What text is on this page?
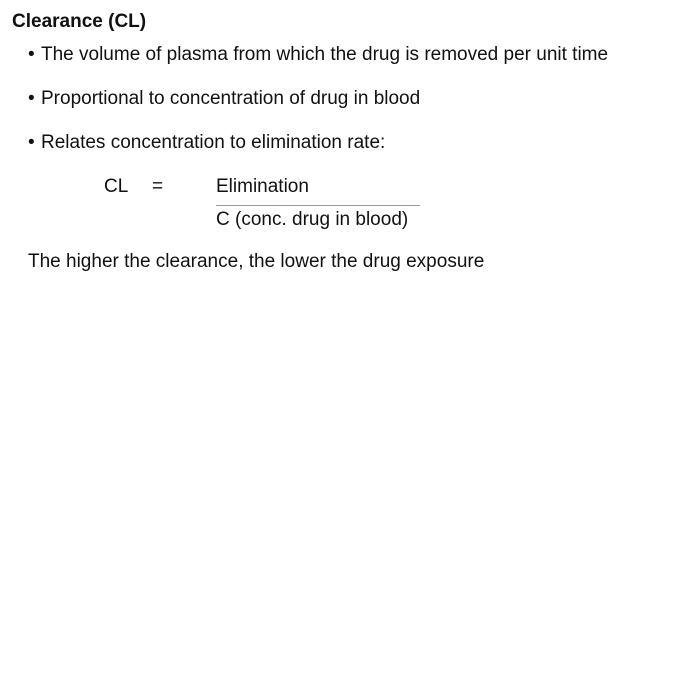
Clearance (CL)
• The volume of plasma from which the drug is removed per unit time
• Proportional to concentration of drug in blood
• Relates concentration to elimination rate:
CL =	Elimination
C (conc. drug in blood)
The higher the clearance, the lower the drug exposure
